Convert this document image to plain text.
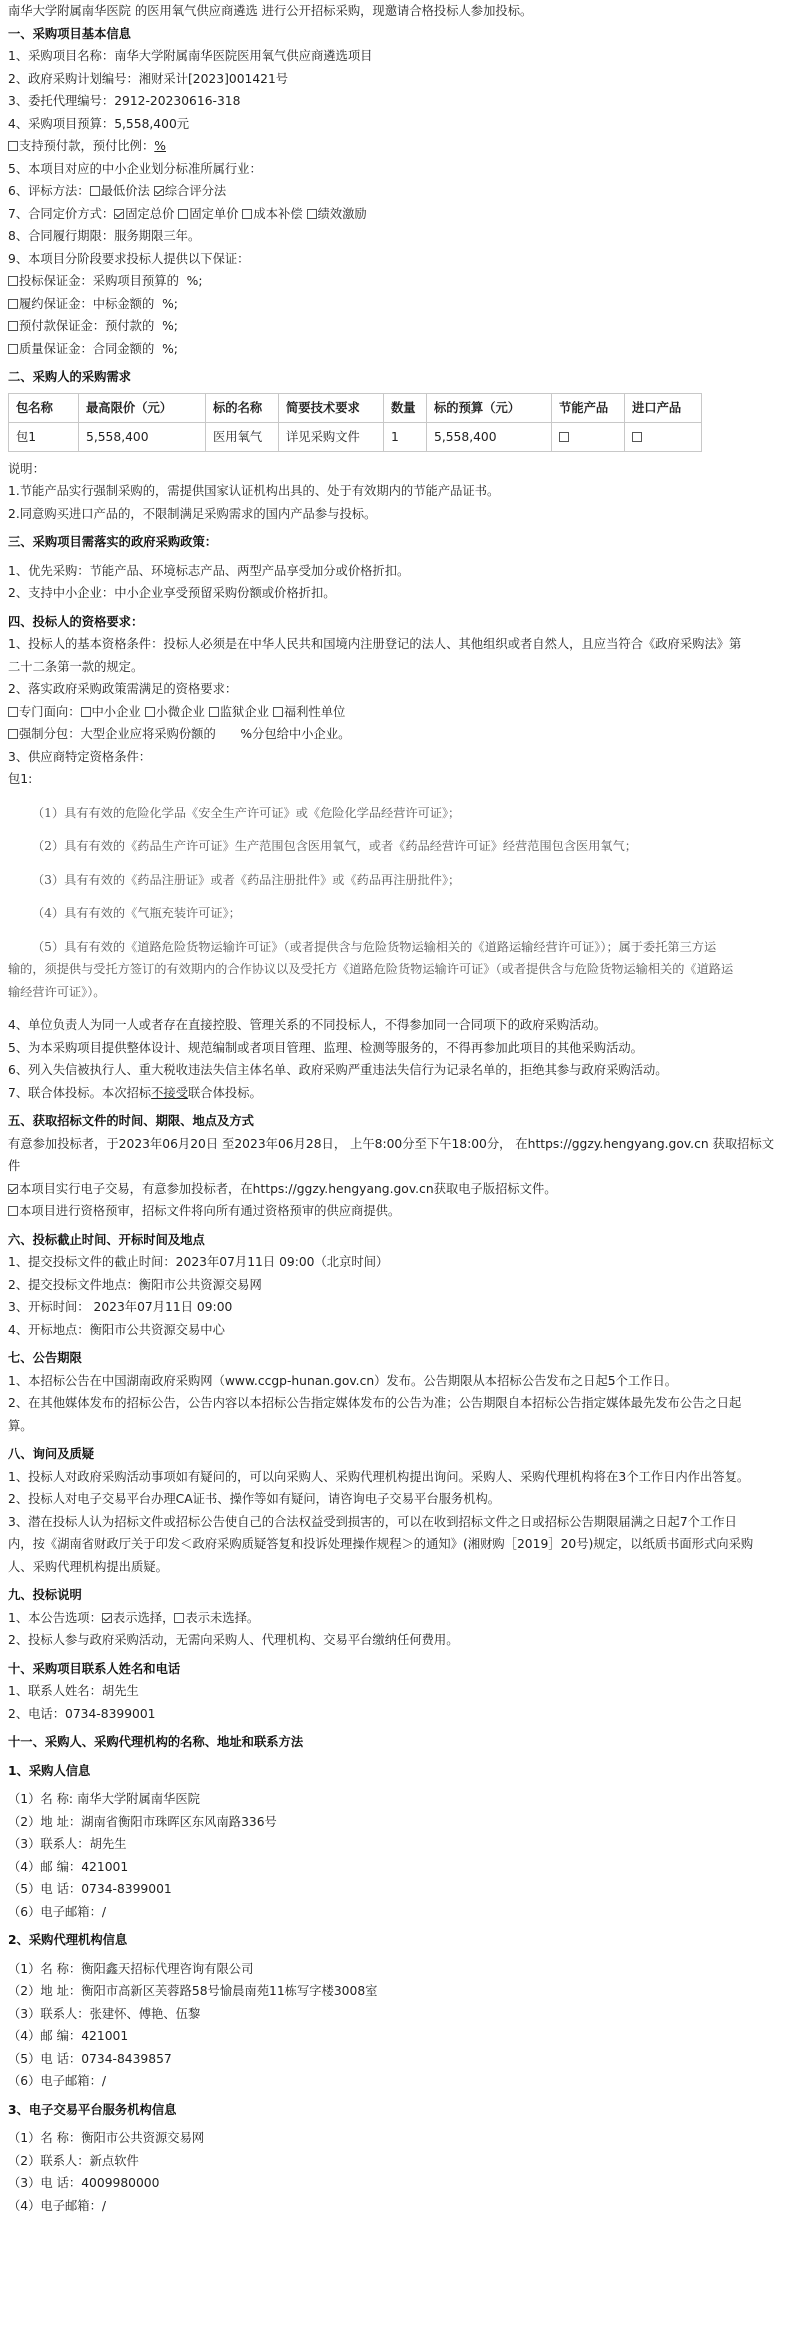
南华大学附属南华医院 的医用氧气供应商遴选 进行公开招标采购，现邀请合格投标人参加投标。
一、采购项目基本信息
1、采购项目名称：南华大学附属南华医院医用氧气供应商遴选项目
2、政府采购计划编号：湘财采计[2023]001421号
3、委托代理编号：2912-20230616-318
4、采购项目预算：5,558,400元
支持预付款，预付比例：%
5、本项目对应的中小企业划分标准所属行业：
6、评标方法： 最低价法 综合评分法
7、合同定价方式： 固定总价 固定单价 成本补偿 绩效激励
8、合同履行期限：服务期限三年。
9、本项目分阶段要求投标人提供以下保证：
投标保证金：采购项目预算的  %;
履约保证金：中标金额的  %;
预付款保证金：预付款的  %;
质量保证金：合同金额的  %;
二、采购人的采购需求
包名称	最高限价（元）	标的名称	简要技术要求	数量	标的预算（元）	节能产品	进口产品
包1	5,558,400	医用氧气	详见采购文件	1	5,558,400		
说明：
1.节能产品实行强制采购的，需提供国家认证机构出具的、处于有效期内的节能产品证书。
2.同意购买进口产品的，不限制满足采购需求的国内产品参与投标。
三、采购项目需落实的政府采购政策：
1、优先采购：节能产品、环境标志产品、两型产品享受加分或价格折扣。
2、支持中小企业：中小企业享受预留采购份额或价格折扣。
四、投标人的资格要求：
1、投标人的基本资格条件：投标人必须是在中华人民共和国境内注册登记的法人、其他组织或者自然人，且应当符合《政府采购法》第
二十二条第一款的规定。
2、落实政府采购政策需满足的资格要求：
专门面向： 中小企业 小微企业 监狱企业 福利性单位
强制分包：大型企业应将采购份额的   %分包给中小企业。
3、供应商特定资格条件：
包1:
（1）具有有效的危险化学品《安全生产许可证》或《危险化学品经营许可证》；
（2）具有有效的《药品生产许可证》生产范围包含医用氧气，或者《药品经营许可证》经营范围包含医用氧气；
（3）具有有效的《药品注册证》或者《药品注册批件》或《药品再注册批件》；
（4）具有有效的《气瓶充装许可证》；
（5）具有有效的《道路危险货物运输许可证》（或者提供含与危险货物运输相关的《道路运输经营许可证》）；属于委托第三方运
输的，须提供与受托方签订的有效期内的合作协议以及受托方《道路危险货物运输许可证》（或者提供含与危险货物运输相关的《道路运
输经营许可证》）。
4、单位负责人为同一人或者存在直接控股、管理关系的不同投标人，不得参加同一合同项下的政府采购活动。
5、为本采购项目提供整体设计、规范编制或者项目管理、监理、检测等服务的，不得再参加此项目的其他采购活动。
6、列入失信被执行人、重大税收违法失信主体名单、政府采购严重违法失信行为记录名单的，拒绝其参与政府采购活动。
7、联合体投标。本次招标不接受联合体投标。
五、获取招标文件的时间、期限、地点及方式
有意参加投标者，于2023年06月20日 至2023年06月28日， 上午8:00分至下午18:00分， 在https://ggzy.hengyang.gov.cn 获取招标文
件
本项目实行电子交易，有意参加投标者，在https://ggzy.hengyang.gov.cn获取电子版招标文件。
本项目进行资格预审，招标文件将向所有通过资格预审的供应商提供。
六、投标截止时间、开标时间及地点
1、提交投标文件的截止时间：2023年07月11日 09:00（北京时间）
2、提交投标文件地点：衡阳市公共资源交易网
3、开标时间： 2023年07月11日 09:00
4、开标地点：衡阳市公共资源交易中心
七、公告期限
1、本招标公告在中国湖南政府采购网（www.ccgp-hunan.gov.cn）发布。公告期限从本招标公告发布之日起5个工作日。
2、在其他媒体发布的招标公告，公告内容以本招标公告指定媒体发布的公告为准；公告期限自本招标公告指定媒体最先发布公告之日起
算。
八、询问及质疑
1、投标人对政府采购活动事项如有疑问的，可以向采购人、采购代理机构提出询问。采购人、采购代理机构将在3个工作日内作出答复。
2、投标人对电子交易平台办理CA证书、操作等如有疑问，请咨询电子交易平台服务机构。
3、潜在投标人认为招标文件或招标公告使自己的合法权益受到损害的，可以在收到招标文件之日或招标公告期限届满之日起7个工作日
内，按《湖南省财政厅关于印发＜政府采购质疑答复和投诉处理操作规程＞的通知》(湘财购［2019］20号)规定，以纸质书面形式向采购
人、采购代理机构提出质疑。
九、投标说明
1、本公告选项： 表示选择， 表示未选择。
2、投标人参与政府采购活动，无需向采购人、代理机构、交易平台缴纳任何费用。
十、采购项目联系人姓名和电话
1、联系人姓名：胡先生
2、电话：0734-8399001
十一、采购人、采购代理机构的名称、地址和联系方法
1、采购人信息
（1）名 称: 南华大学附属南华医院
（2）地 址：湖南省衡阳市珠晖区东风南路336号
（3）联系人：胡先生
（4）邮 编：421001
（5）电 话：0734-8399001
（6）电子邮箱：/
2、采购代理机构信息
（1）名 称：衡阳鑫天招标代理咨询有限公司
（2）地 址：衡阳市高新区芙蓉路58号愉晨南苑11栋写字楼3008室
（3）联系人：张建怀、傅艳、伍黎
（4）邮 编：421001
（5）电 话：0734-8439857
（6）电子邮箱：/
3、电子交易平台服务机构信息
（1）名 称：衡阳市公共资源交易网
（2）联系人：新点软件
（3）电 话：4009980000
（4）电子邮箱：/
